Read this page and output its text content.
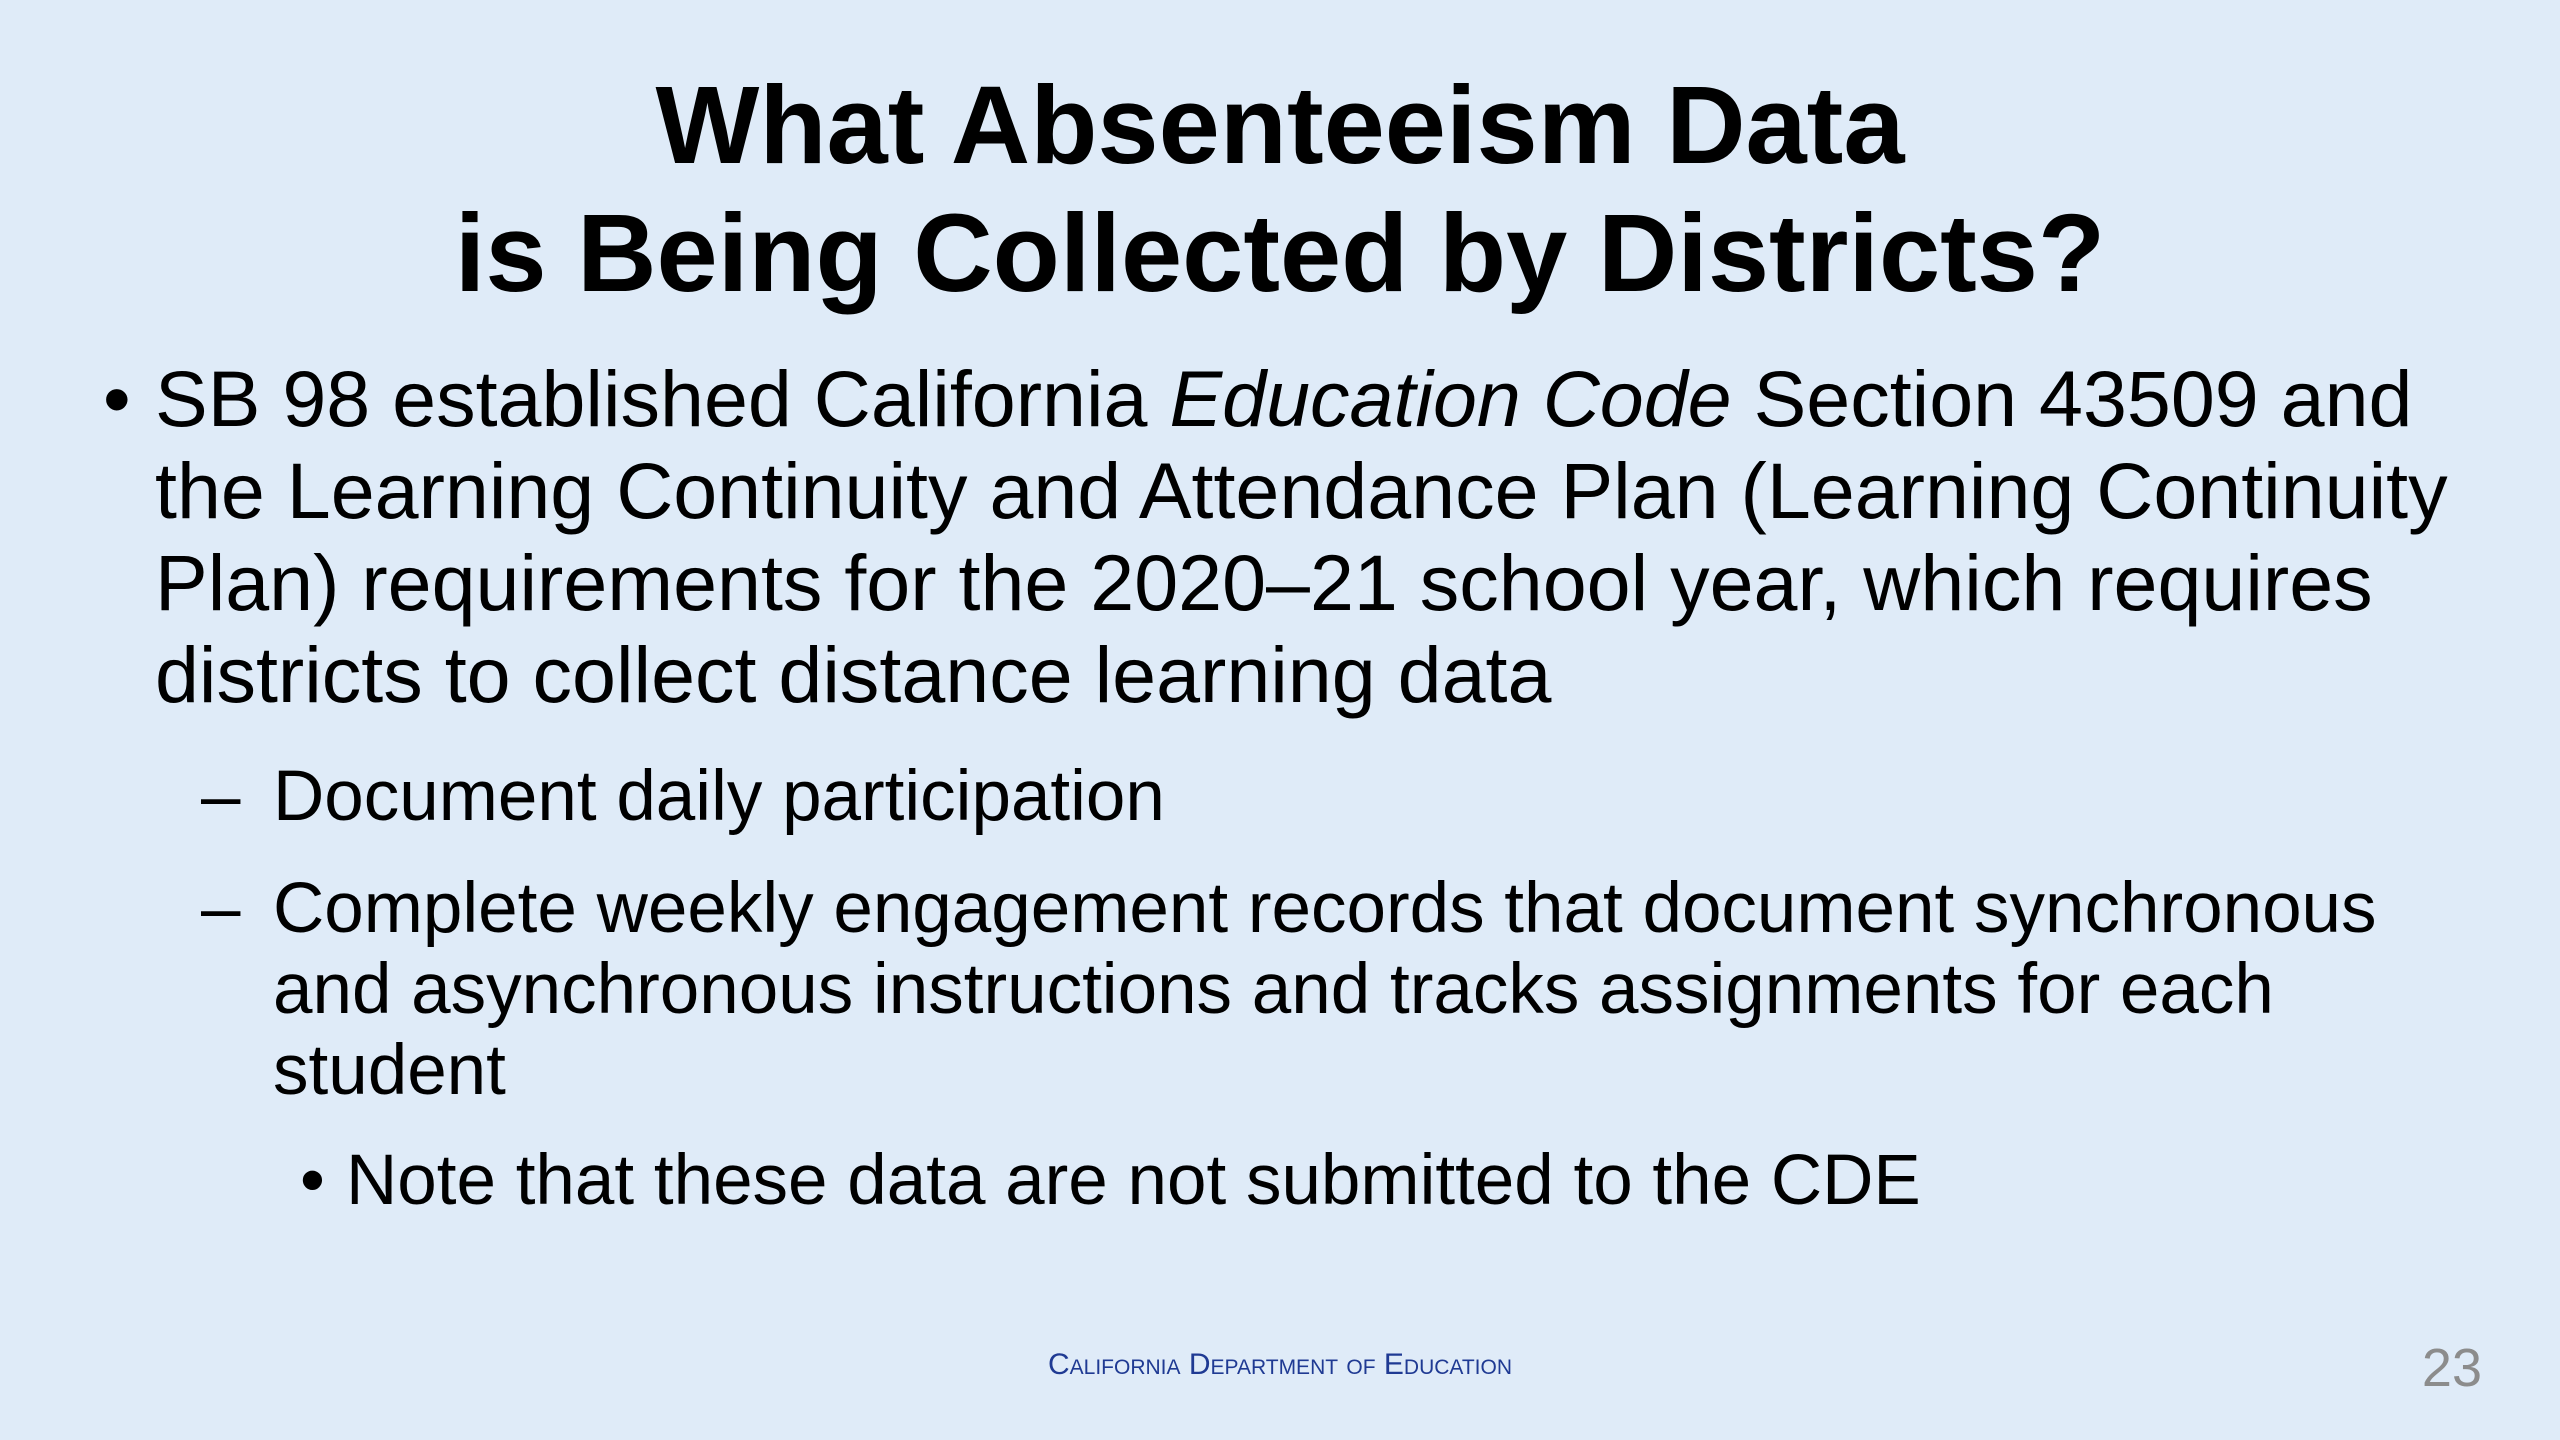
What Absenteeism Data
is Being Collected by Districts?
• SB 98 established California Education Code Section 43509 and the Learning Continuity and Attendance Plan (Learning Continuity Plan) requirements for the 2020–21 school year, which requires districts to collect distance learning data

– Document daily participation

– Complete weekly engagement records that document synchronous and asynchronous instructions and tracks assignments for each student

• Note that these data are not submitted to the CDE

California Department of Education	23
